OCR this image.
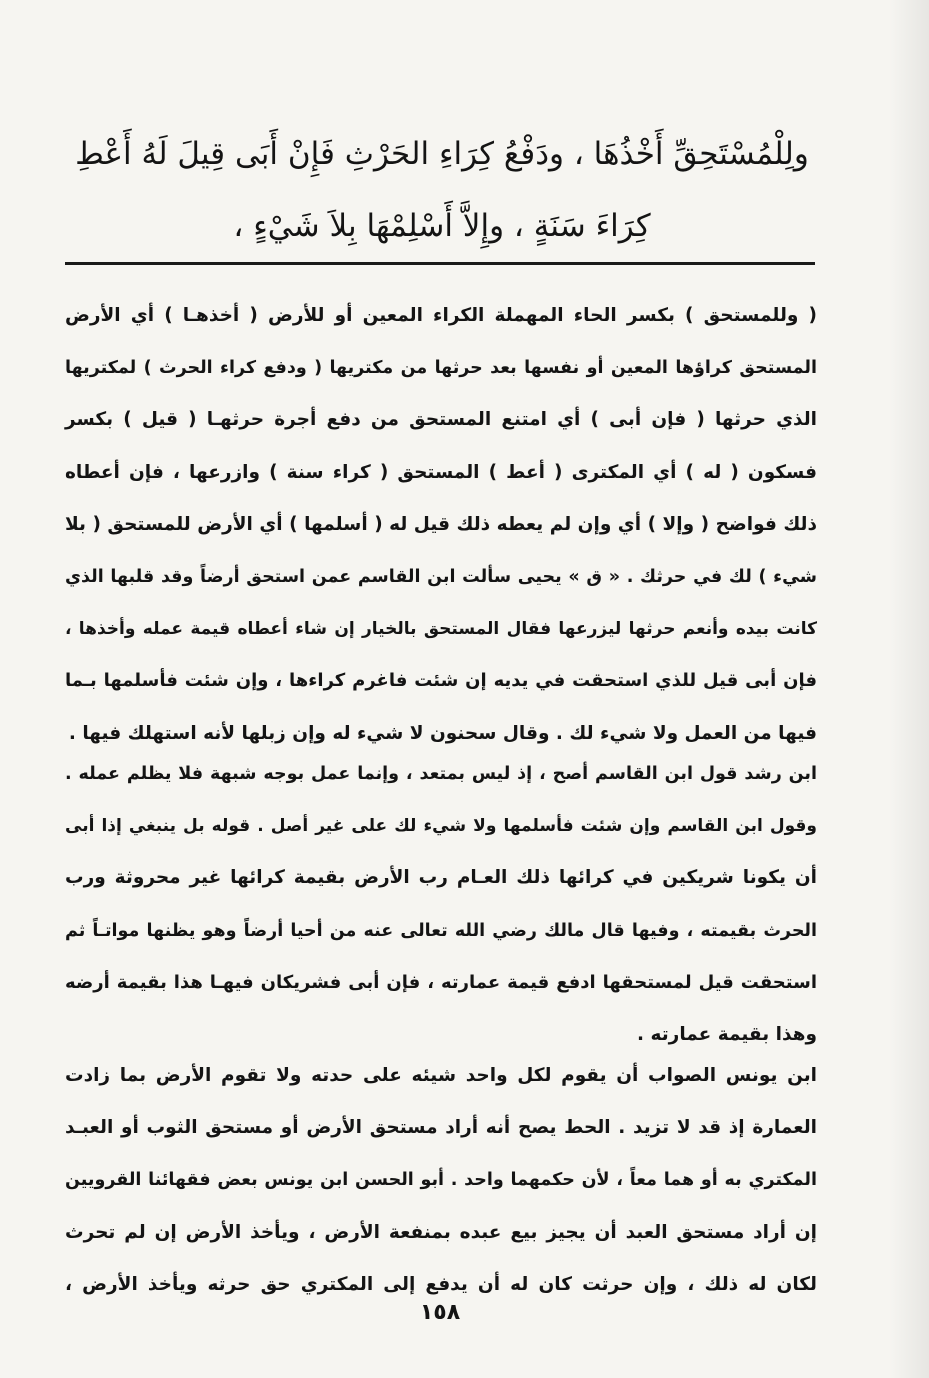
ولِلْمُسْتَحِقِّ أَخْذُهَا ، ودَفْعُ كِرَاءِ الحَرْثِ فَإِنْ أَبَى قِيلَ لَهُ أَعْطِ
كِرَاءَ سَنَةٍ ، وإِلاَّ أَسْلِمْهَا بِلاَ شَيْءٍ ،
( وللمستحق ) بكسر الحاء المهملة الكراء المعين أو للأرض ( أخذهـا ) أي الأرض
المستحق كراؤها المعين أو نفسها بعد حرثها من مكتريها ( ودفع كراء الحرث ) لمكتريها
الذي حرثها ( فإن أبى ) أي امتنع المستحق من دفع أجرة حرثهـا ( قيل ) بكسر
فسكون ( له ) أي المكترى ( أعط ) المستحق ( كراء سنة ) وازرعها ، فإن أعطاه
ذلك فواضح ( وإلا ) أي وإن لم يعطه ذلك قيل له ( أسلمها ) أي الأرض للمستحق ( بلا
شيء ) لك في حرثك . « ق » يحيى سألت ابن القاسم عمن استحق أرضاً وقد قلبها الذي
كانت بيده وأنعم حرثها ليزرعها فقال المستحق بالخيار إن شاء أعطاه قيمة عمله وأخذها ،
فإن أبى قيل للذي استحقت في يديه إن شئت فاغرم كراءها ، وإن شئت فأسلمها بـما
فيها من العمل ولا شيء لك . وقال سحنون لا شيء له وإن زبلها لأنه استهلك فيها .
ابن رشد قول ابن القاسم أصح ، إذ ليس بمتعد ، وإنما عمل بوجه شبهة فلا يظلم عمله .
وقول ابن القاسم وإن شئت فأسلمها ولا شيء لك على غير أصل . قوله بل ينبغي إذا أبى
أن يكونا شريكين في كرائها ذلك العـام رب الأرض بقيمة كرائها غير محروثة ورب
الحرث بقيمته ، وفيها قال مالك رضي الله تعالى عنه من أحيا أرضاً وهو يظنها مواتـاً ثم
استحقت قيل لمستحقها ادفع قيمة عمارته ، فإن أبى فشريكان فيهـا هذا بقيمة أرضه
وهذا بقيمة عمارته .
ابن يونس الصواب أن يقوم لكل واحد شيئه على حدته ولا تقوم الأرض بما زادت
العمارة إذ قد لا تزيد . الحط يصح أنه أراد مستحق الأرض أو مستحق الثوب أو العبـد
المكتري به أو هما معاً ، لأن حكمهما واحد . أبو الحسن ابن يونس بعض فقهائنا القرويين
إن أراد مستحق العبد أن يجيز بيع عبده بمنفعة الأرض ، ويأخذ الأرض إن لم تحرث
لكان له ذلك ، وإن حرثت كان له أن يدفع إلى المكتري حق حرثه ويأخذ الأرض ،
١٥٨
